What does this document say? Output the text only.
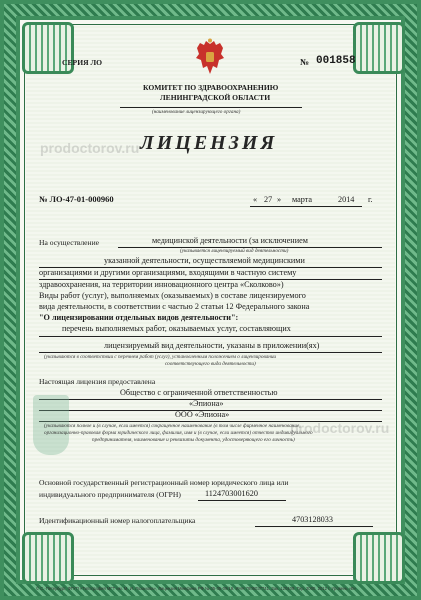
СЕРИЯ ЛО	№ 001858
КОМИТЕТ ПО ЗДРАВООХРАНЕНИЮ
ЛЕНИНГРАДСКОЙ ОБЛАСТИ
(наименование лицензирующего органа)
ЛИЦЕНЗИЯ
prodoctorov.ru
№ ЛО-47-01-000960	« 27 » марта	2014 г.
На осуществление	медицинской деятельности (за исключением
(указывается лицензируемый вид деятельности)
указанной деятельности, осуществляемой медицинскими
организациями и другими организациями, входящими в частную систему
здравоохранения, на территории инновационного центра «Сколково»)
Виды работ (услуг), выполняемых (оказываемых) в составе лицензируемого
вида деятельности, в соответствии с частью 2 статьи 12 Федерального закона
"О лицензировании отдельных видов деятельности":
перечень выполняемых работ, оказываемых услуг, составляющих
лицензируемый вид деятельности, указаны в приложении(ях)
(указываются в соответствии с перечнем работ (услуг), установленным положением о лицензировании
соответствующего вида деятельности)
Настоящая лицензия предоставлена
Общество с ограниченной ответственностью
«Эпиона»
ООО «Эпиона»
(указываются полное и (в случае, если имеется) сокращенное наименование (в том числе фирменное наименование,
организационно-правовая форма юридического лица, фамилия, имя и (в случае, если имеется) отчество индивидуального
предпринимателя, наименование и реквизиты документа, удостоверяющего его личность)
prodoctorov.ru
Основной государственный регистрационный номер юридического лица или
индивидуального предпринимателя (ОГРН)	1124703001620
Идентификационный номер налогоплательщика	4703128033
© С.-Петербург, ФГУП «Типография МГТ им. М. И. Лоханова», Лицензия Минфина РФ № 05-05-09/19. ИНН 7806037741. Зак. 120409. Тир. 2000. 2012 г. Уровень «В»
